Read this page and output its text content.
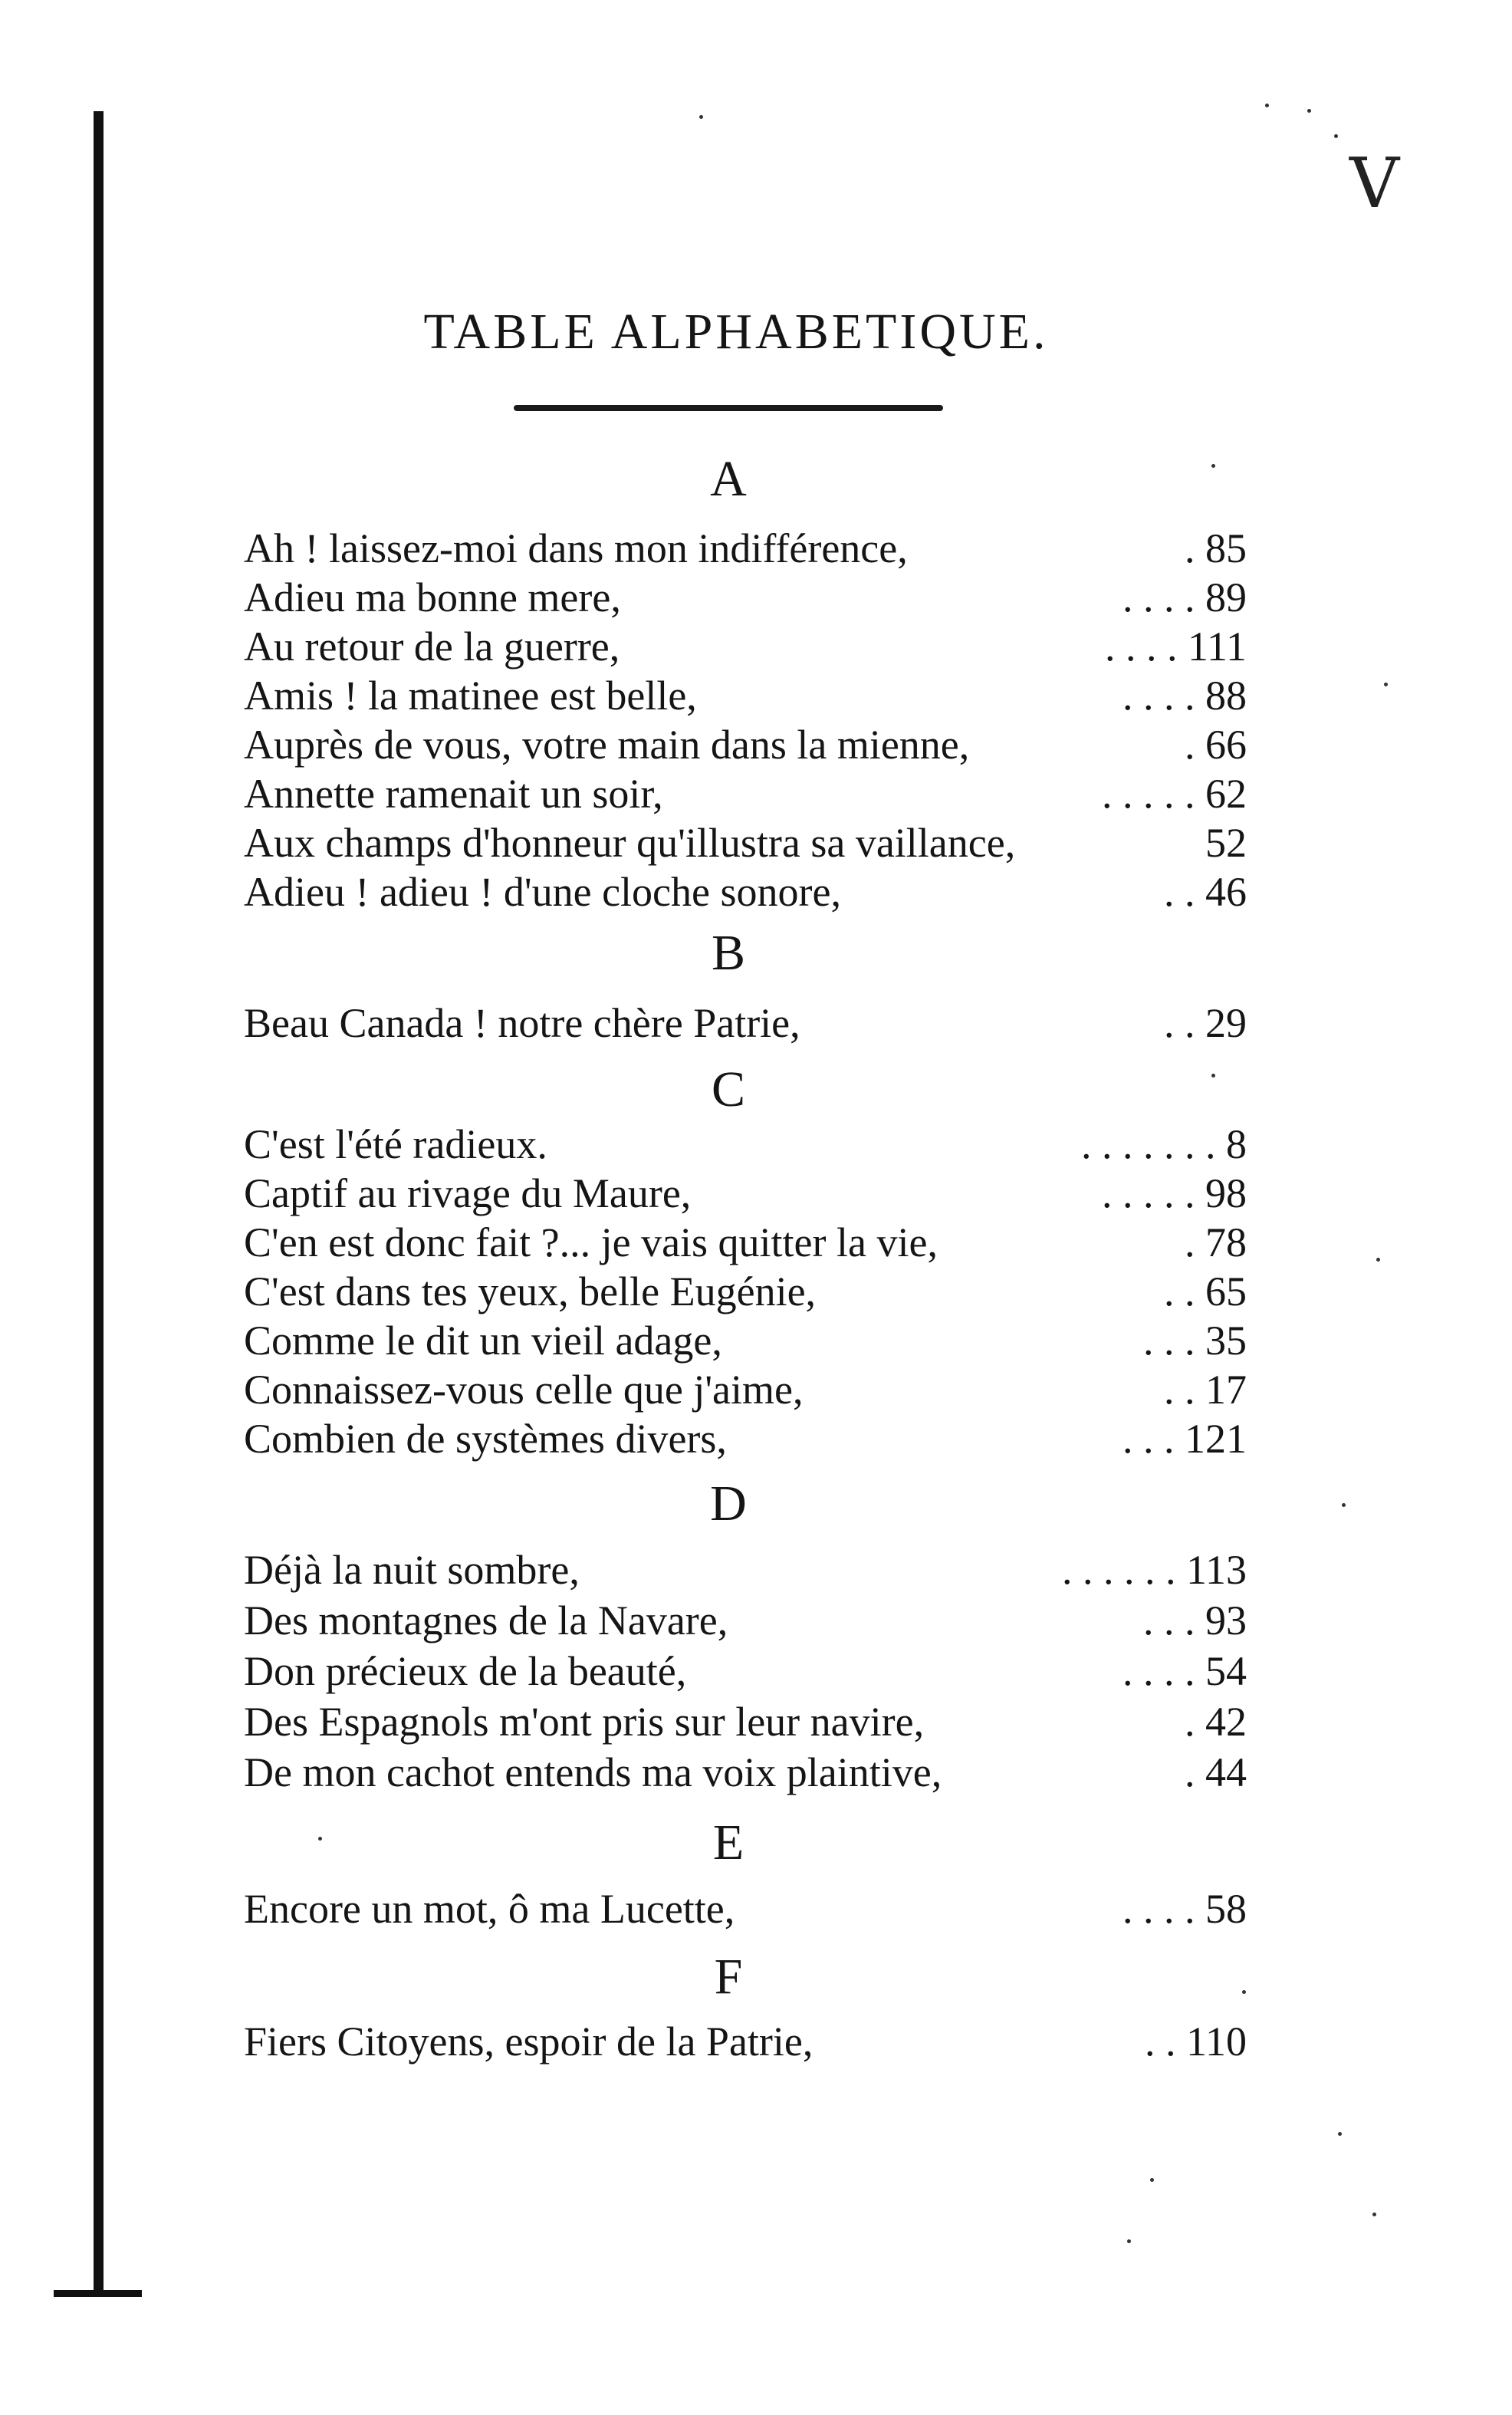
V
TABLE ALPHABETIQUE.
A
Ah ! laissez-moi dans mon indifférence,	. 85
Adieu ma bonne mere,	. . . . 89
Au retour de la guerre,	. . . . 111
Amis ! la matinee est belle,	. . . . 88
Auprès de vous, votre main dans la mienne,	. 66
Annette ramenait un soir,	. . . . . 62
Aux champs d'honneur qu'illustra sa vaillance,	52
Adieu ! adieu ! d'une cloche sonore,	. . 46
B
Beau Canada ! notre chère Patrie,	. . 29
C
C'est l'été radieux.	. . . . . . . 8
Captif au rivage du Maure,	. . . . . 98
C'en est donc fait ?... je vais quitter la vie,	. 78
C'est dans tes yeux, belle Eugénie,	. . 65
Comme le dit un vieil adage,	. . . 35
Connaissez-vous celle que j'aime,	. . 17
Combien de systèmes divers,	. . . 121
D
Déjà la nuit sombre,	. . . . . . 113
Des montagnes de la Navare,	. . . 93
Don précieux de la beauté,	. . . . 54
Des Espagnols m'ont pris sur leur navire,	. 42
De mon cachot entends ma voix plaintive,	. 44
E
Encore un mot, ô ma Lucette,	. . . . 58
F
Fiers Citoyens, espoir de la Patrie,	. . 110
